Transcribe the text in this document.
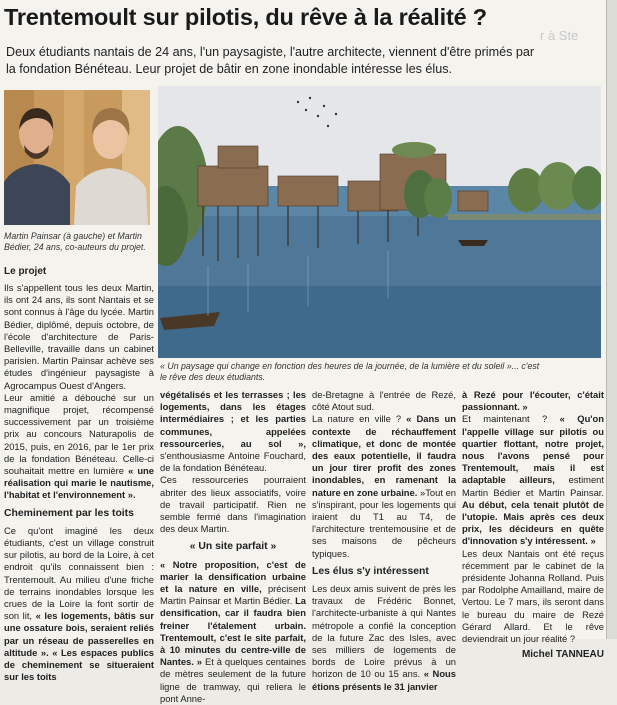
Trentemoult sur pilotis, du rêve à la réalité ?

Deux étudiants nantais de 24 ans, l'un paysagiste, l'autre architecte, viennent d'être primés par la fondation Bénéteau. Leur projet de bâtir en zone inondable intéresse les élus.

Martin Painsar (à gauche) et Martin Bédier, 24 ans, co-auteurs du projet.

« Un paysage qui change en fonction des heures de la journée, de la lumière et du soleil »... c'est le rêve des deux étudiants.

Le projet

Ils s'appellent tous les deux Martin, ils ont 24 ans, ils sont Nantais et se sont connus à l'âge du lycée. Martin Bédier, diplômé, depuis octobre, de l'école d'architecture de Paris-Belleville, travaille dans un cabinet parisien. Martin Painsar achève ses études d'ingénieur paysagiste à Agrocampus Ouest d'Angers.

Leur amitié a débouché sur un magnifique projet, récompensé successivement par un troisième prix au concours Naturapolis de 2015, puis, en 2016, par le 1er prix de la fondation Bénéteau. Celle-ci souhaitait mettre en lumière « une réalisation qui marie le nautisme, l'habitat et l'environnement ».

Cheminement par les toits

Ce qu'ont imaginé les deux étudiants, c'est un village construit sur pilotis, au bord de la Loire, à cet endroit qu'ils connaissent bien : Trentemoult. Au milieu d'une friche de terrains inondables lorsque les crues de la Loire la font sortir de son lit, « les logements, bâtis sur une ossature bois, seraient reliés par un réseau de passerelles en altitude ». « Les espaces publics de cheminement se situeraient sur les toits

végétalisés et les terrasses ; les logements, dans les étages intermédiaires ; et les parties communes, appelées ressourceries, au sol », s'enthousiasme Antoine Fouchard, de la fondation Bénéteau.

Ces ressourceries pourraient abriter des lieux associatifs, voire de travail participatif. Rien ne semble fermé dans l'imagination des deux Martin.

« Un site parfait »

« Notre proposition, c'est de marier la densification urbaine et la nature en ville, précisent Martin Painsar et Martin Bédier. La densification, car il faudra bien freiner l'étalement urbain. Trentemoult, c'est le site parfait, à 10 minutes du centre-ville de Nantes. » Et à quelques centaines de mètres seulement de la future ligne de tramway, qui reliera le pont Anne-

de-Bretagne à l'entrée de Rezé, côté Atout sud.

La nature en ville ? « Dans un contexte de réchauffement climatique, et donc de montée des eaux potentielle, il faudra un jour tirer profit des zones inondables, en ramenant la nature en zone urbaine. »Tout en s'inspirant, pour les logements qui iraient du T1 au T4, de l'architecture trentemousine et de ses maisons de pêcheurs typiques.

Les élus s'y intéressent

Les deux amis suivent de près les travaux de Frédéric Bonnet, l'architecte-urbaniste à qui Nantes métropole a confié la conception de la future Zac des Isles, avec ses milliers de logements de bords de Loire prévus à un horizon de 10 ou 15 ans. « Nous étions présents le 31 janvier

à Rezé pour l'écouter, c'était passionnant. »

Et maintenant ? « Qu'on l'appelle village sur pilotis ou quartier flottant, notre projet, nous l'avons pensé pour Trentemoult, mais il est adaptable ailleurs, estiment Martin Bédier et Martin Painsar. Au début, cela tenait plutôt de l'utopie. Mais après ces deux prix, les décideurs en quête d'innovation s'y intéressent. »

Les deux Nantais ont été reçus récemment par le cabinet de la présidente Johanna Rolland. Puis par Rodolphe Amailland, maire de Vertou. Le 7 mars, ils seront dans le bureau du maire de Rezé Gérard Allard. Et le rêve deviendrait un jour réalité ?

Michel TANNEAU
r à Ste
